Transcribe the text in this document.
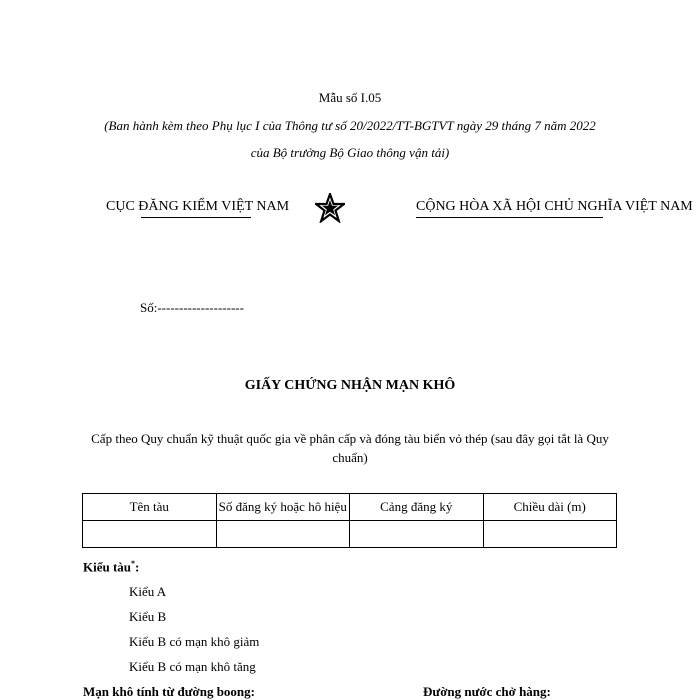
Mẫu số I.05
(Ban hành kèm theo Phụ lục I của Thông tư số 20/2022/TT-BGTVT ngày 29 tháng 7 năm 2022
của Bộ trưởng Bộ Giao thông vận tải)
CỤC ĐĂNG KIỂM VIỆT NAM	CỘNG HÒA XÃ HỘI CHỦ NGHĨA VIỆT NAM
Số:--------------------
GIẤY CHỨNG NHẬN MẠN KHÔ
Cấp theo Quy chuẩn kỹ thuật quốc gia về phân cấp và đóng tàu biển vỏ thép (sau đây gọi tắt là Quy chuẩn)
Tên tàu	Số đăng ký hoặc hô hiệu	Cảng đăng ký	Chiều dài (m)

Kiểu tàu*:
Kiểu A
Kiểu B
Kiểu B có mạn khô giảm
Kiểu B có mạn khô tăng
Mạn khô tính từ đường boong:	Đường nước chở hàng:
